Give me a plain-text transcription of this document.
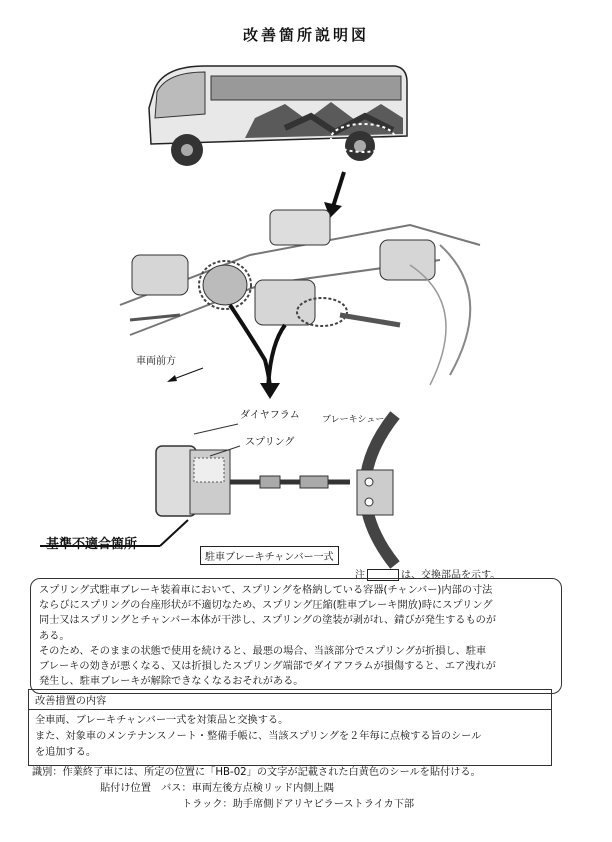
改善箇所説明図
車両前方
ダイヤフラム
スプリング
ブレーキシュー
基準不適合箇所
駐車ブレーキチャンバー一式
注	は、交換部品を示す。

スプリング式駐車ブレーキ装着車において、スプリングを格納している容器(チャンバー)内部の寸法

ならびにスプリングの台座形状が不適切なため、スプリング圧縮(駐車ブレーキ開放)時にスプリング

同士又はスプリングとチャンバー本体が干渉し、スプリングの塗装が剥がれ、錆びが発生するものが

ある。

そのため、そのままの状態で使用を続けると、最悪の場合、当該部分でスプリングが折損し、駐車

ブレーキの効きが悪くなる、又は折損したスプリング端部でダイアフラムが損傷すると、エア洩れが

発生し、駐車ブレーキが解除できなくなるおそれがある。

改善措置の内容

全車両、ブレーキチャンバー一式を対策品と交換する。

また、対象車のメンテナンスノート・整備手帳に、当該スプリングを２年毎に点検する旨のシール

を追加する。

識別：作業終了車には、所定の位置に「HB-02」の文字が記載された白黄色のシールを貼付ける。

貼付け位置　バス：車両左後方点検リッド内側上隅

トラック：助手席側ドアリヤピラーストライカ下部
